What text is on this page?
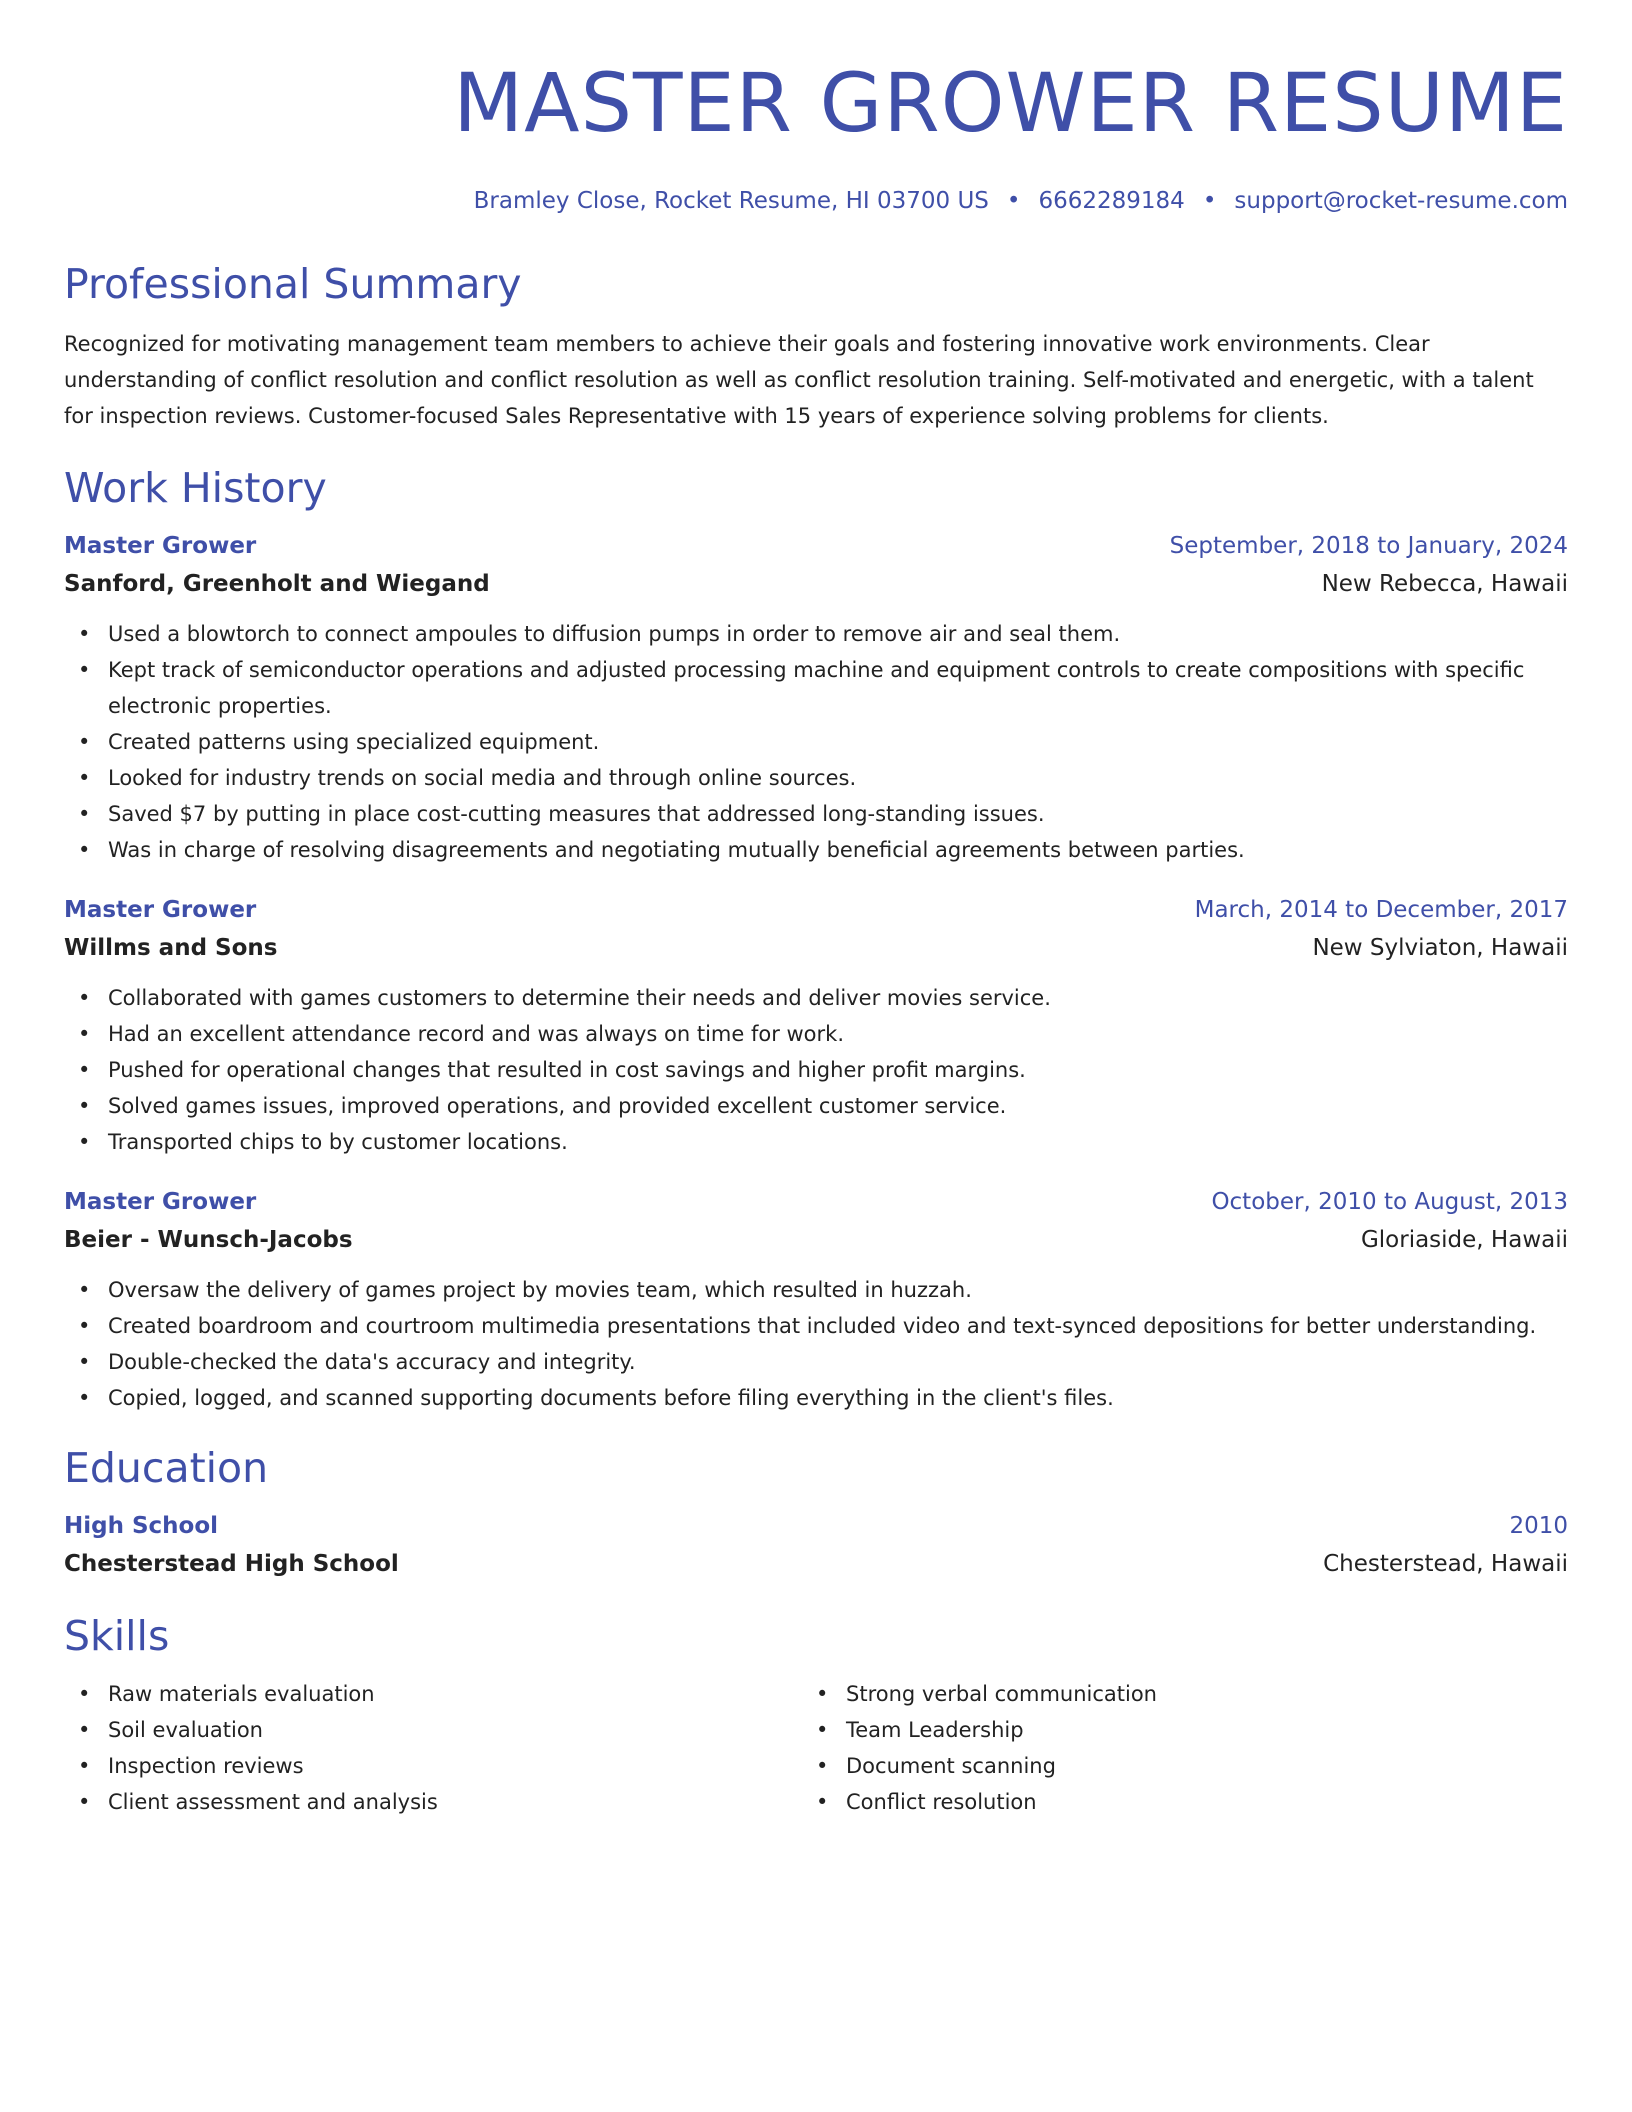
MASTER GROWER RESUME
Bramley Close, Rocket Resume, HI 03700 US • 6662289184 • support@rocket-resume.com
Professional Summary

Recognized for motivating management team members to achieve their goals and fostering innovative work environments. Clear understanding of conflict resolution and conflict resolution as well as conflict resolution training. Self-motivated and energetic, with a talent for inspection reviews. Customer-focused Sales Representative with 15 years of experience solving problems for clients.

Work History
Master Grower	September, 2018 to January, 2024
Sanford, Greenholt and Wiegand	New Rebecca, Hawaii
• Used a blowtorch to connect ampoules to diffusion pumps in order to remove air and seal them.
• Kept track of semiconductor operations and adjusted processing machine and equipment controls to create compositions with specific electronic properties.
• Created patterns using specialized equipment.
• Looked for industry trends on social media and through online sources.
• Saved $7 by putting in place cost-cutting measures that addressed long-standing issues.
• Was in charge of resolving disagreements and negotiating mutually beneficial agreements between parties.
Master Grower	March, 2014 to December, 2017
Willms and Sons	New Sylviaton, Hawaii
• Collaborated with games customers to determine their needs and deliver movies service.
• Had an excellent attendance record and was always on time for work.
• Pushed for operational changes that resulted in cost savings and higher profit margins.
• Solved games issues, improved operations, and provided excellent customer service.
• Transported chips to by customer locations.
Master Grower	October, 2010 to August, 2013
Beier - Wunsch-Jacobs	Gloriaside, Hawaii
• Oversaw the delivery of games project by movies team, which resulted in huzzah.
• Created boardroom and courtroom multimedia presentations that included video and text-synced depositions for better understanding.
• Double-checked the data's accuracy and integrity.
• Copied, logged, and scanned supporting documents before filing everything in the client's files.
Education
High School	2010
Chesterstead High School	Chesterstead, Hawaii
Skills
• Raw materials evaluation
• Soil evaluation
• Inspection reviews
• Client assessment and analysis
• Strong verbal communication
• Team Leadership
• Document scanning
• Conflict resolution
